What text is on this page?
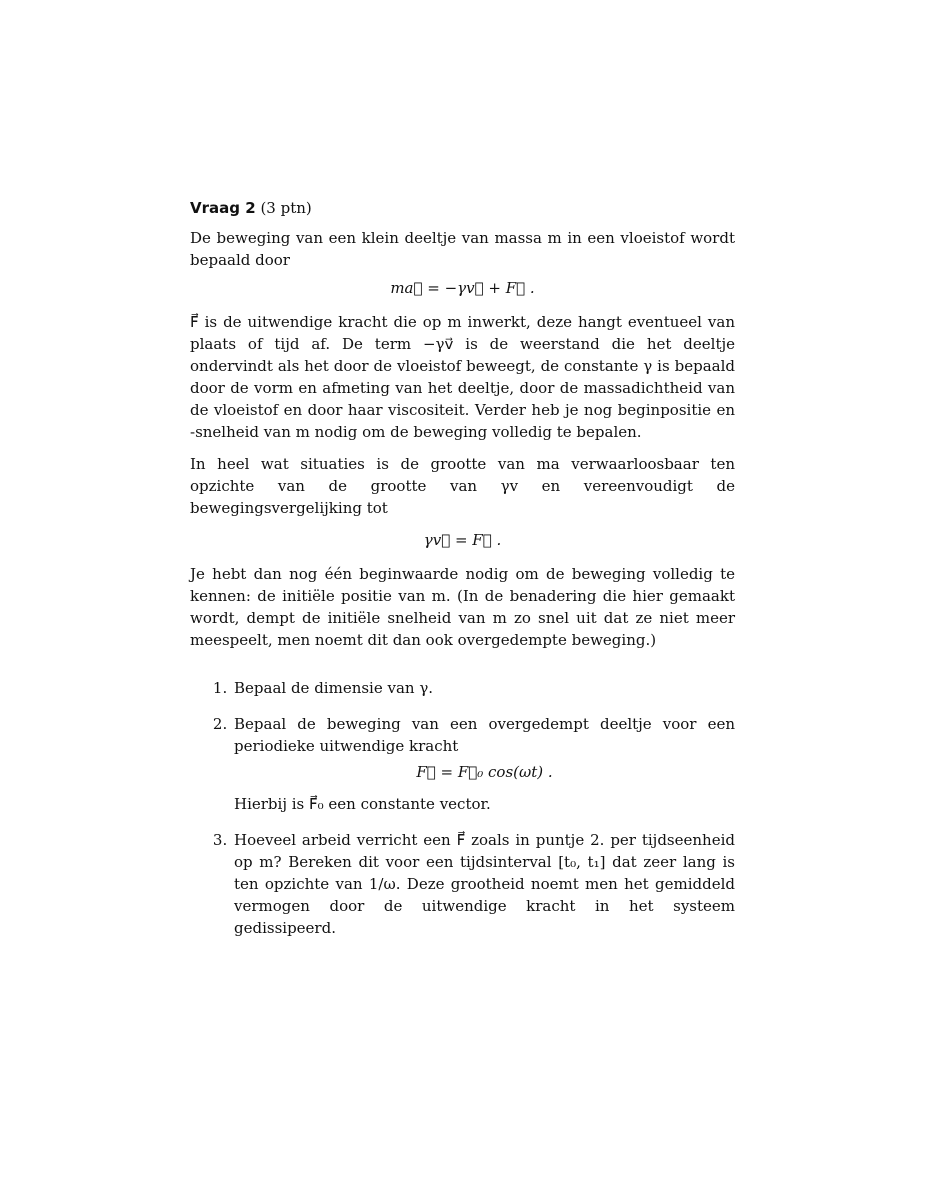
Vraag 2 (3 ptn)

De beweging van een klein deeltje van massa m in een vloeistof wordt bepaald door

ma⃗ = −γv⃗ + F⃗ .

F⃗ is de uitwendige kracht die op m inwerkt, deze hangt eventueel van plaats of tijd af. De term −γv⃗ is de weerstand die het deeltje ondervindt als het door de vloeistof beweegt, de constante γ is bepaald door de vorm en afmeting van het deeltje, door de massadichtheid van de vloeistof en door haar viscositeit. Verder heb je nog beginpositie en -snelheid van m nodig om de beweging volledig te bepalen.

In heel wat situaties is de grootte van ma verwaarloosbaar ten opzichte van de grootte van γv en vereenvoudigt de bewegingsvergelijking tot

γv⃗ = F⃗ .

Je hebt dan nog één beginwaarde nodig om de beweging volledig te kennen: de initiële positie van m. (In de benadering die hier gemaakt wordt, dempt de initiële snelheid van m zo snel uit dat ze niet meer meespeelt, men noemt dit dan ook overgedempte beweging.)

1. Bepaal de dimensie van γ.
2. Bepaal de beweging van een overgedempt deeltje voor een periodieke uitwendige kracht
F⃗ = F⃗₀ cos(ωt) .
Hierbij is F⃗₀ een constante vector.
3. Hoeveel arbeid verricht een F⃗ zoals in puntje 2. per tijdseenheid op m? Bereken dit voor een tijdsinterval [t₀, t₁] dat zeer lang is ten opzichte van 1/ω. Deze grootheid noemt men het gemiddeld vermogen door de uitwendige kracht in het systeem gedissipeerd.
